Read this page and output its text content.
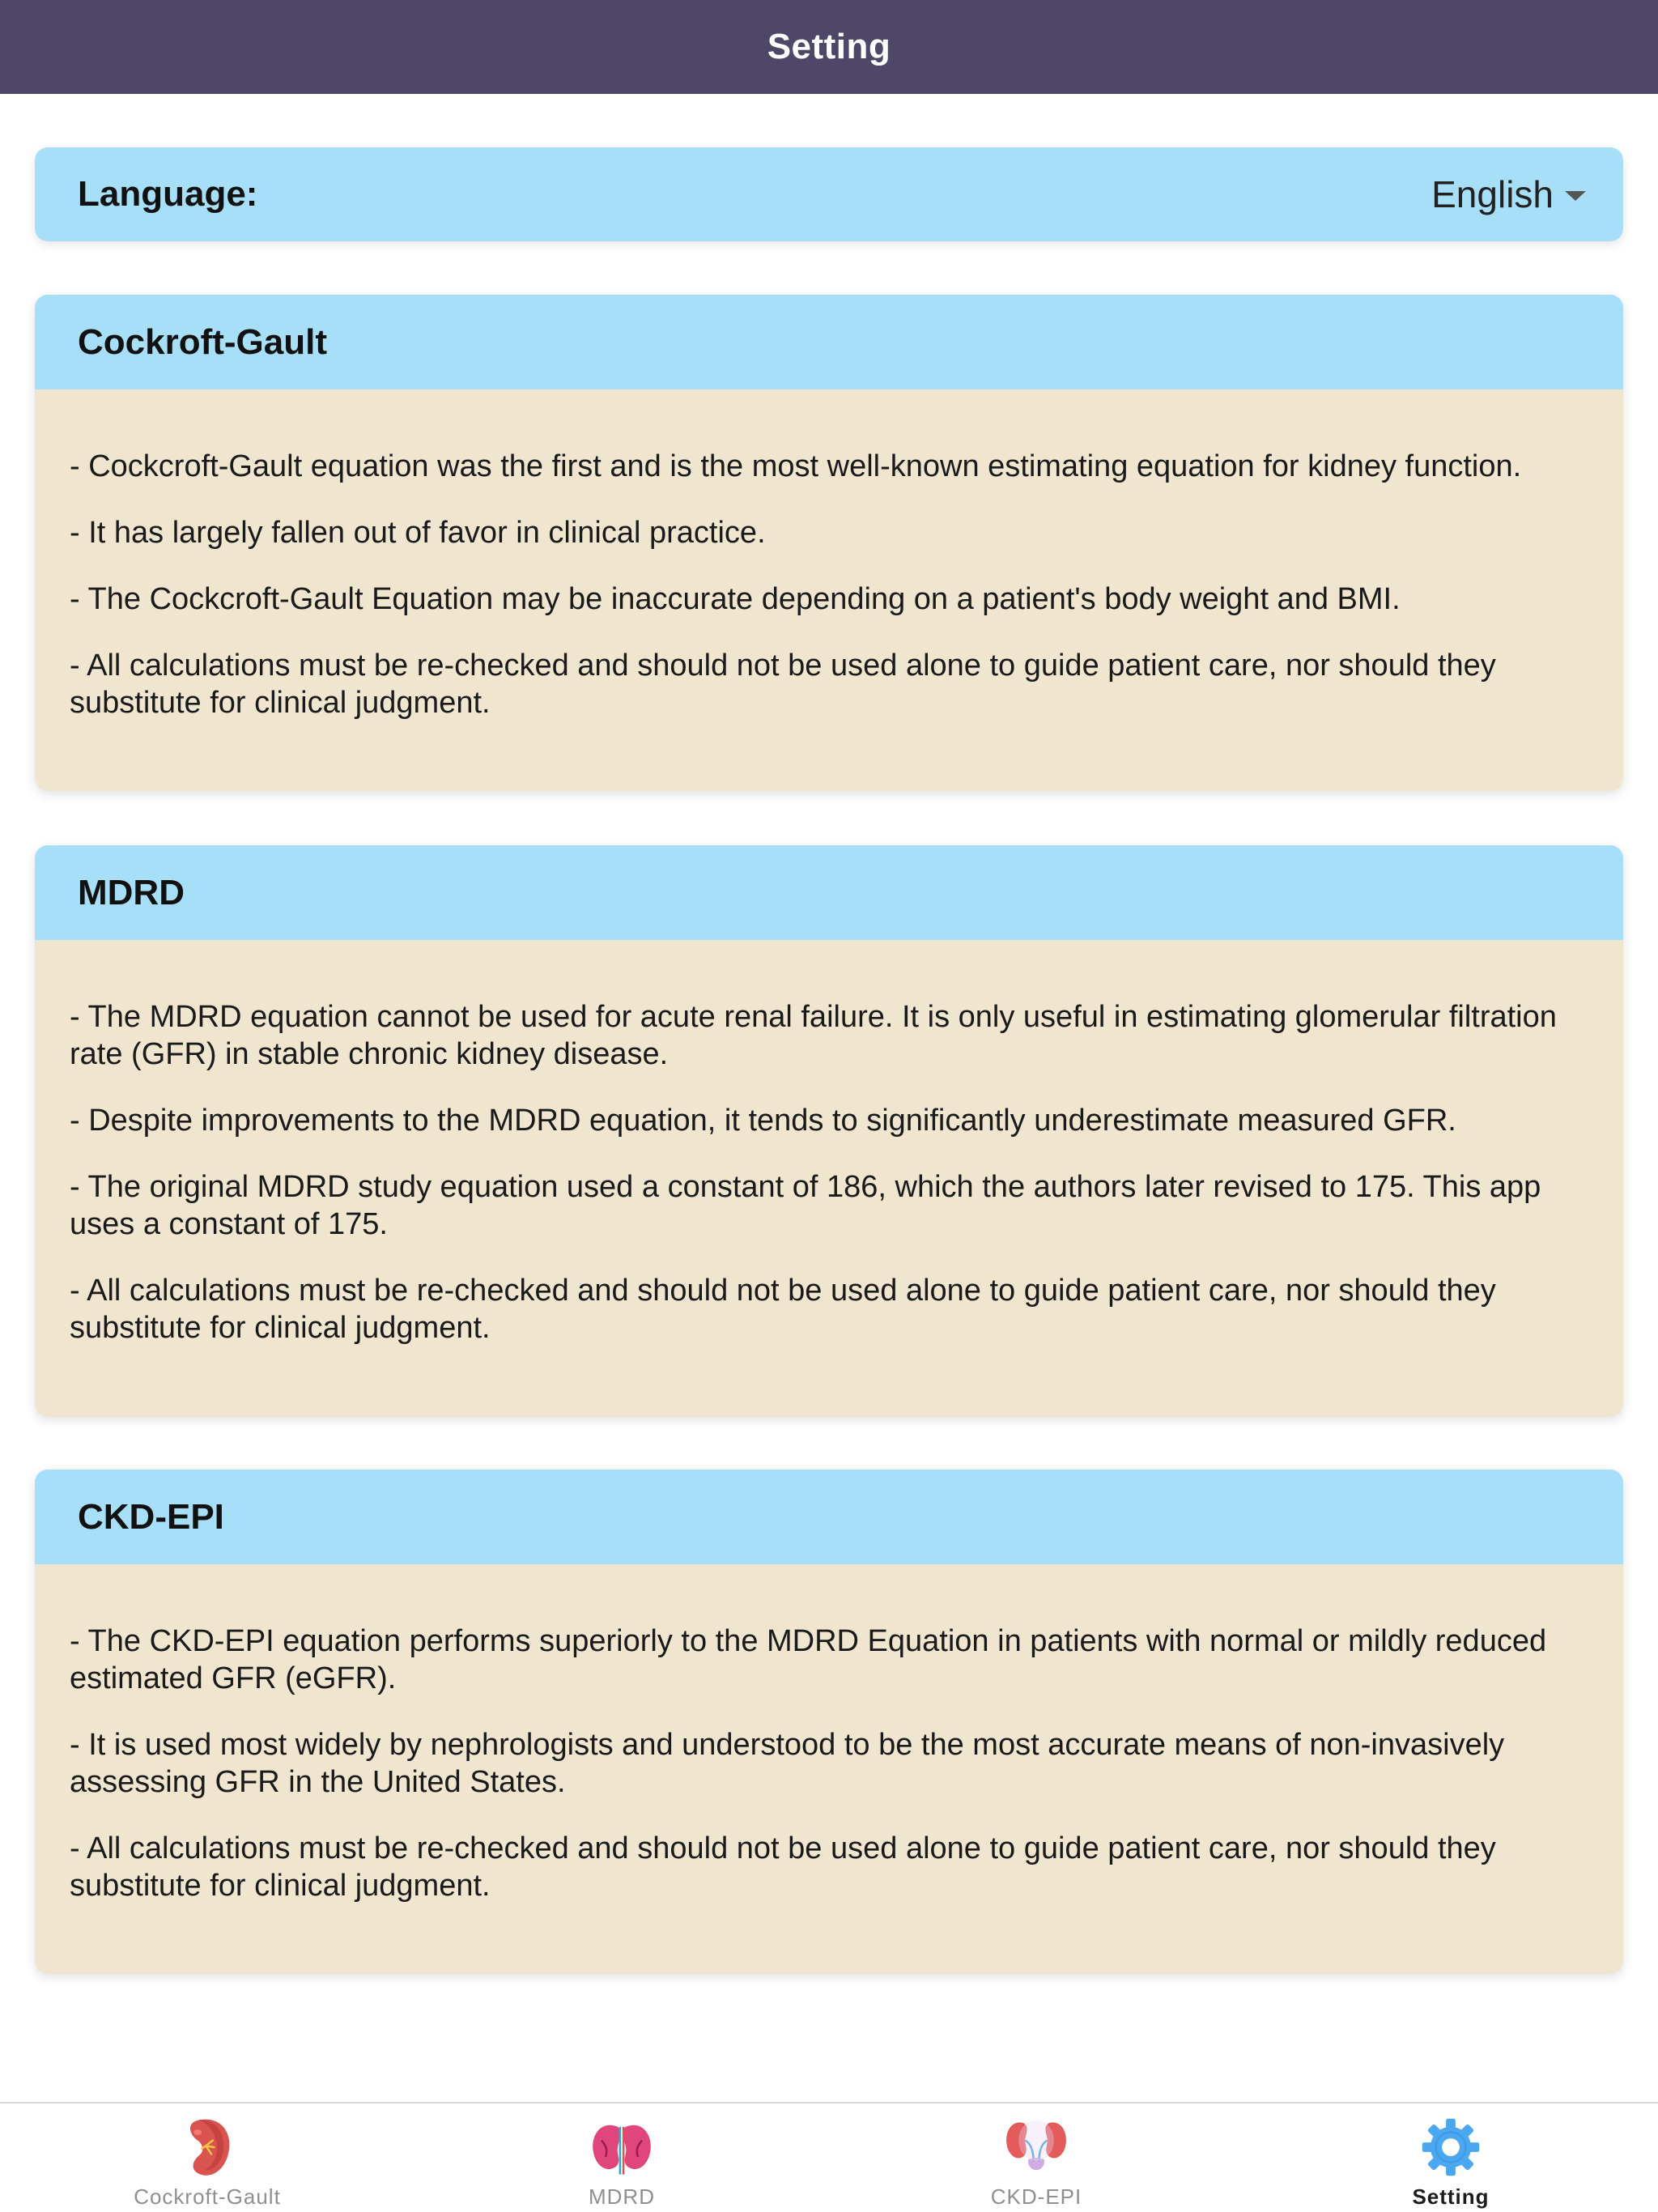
Setting
Language:	English
Cockroft-Gault

- Cockcroft-Gault equation was the first and is the most well-known estimating equation for kidney function.

- It has largely fallen out of favor in clinical practice.

- The Cockcroft-Gault Equation may be inaccurate depending on a patient's body weight and BMI.

- All calculations must be re-checked and should not be used alone to guide patient care, nor should they substitute for clinical judgment.

MDRD

- The MDRD equation cannot be used for acute renal failure. It is only useful in estimating glomerular filtration rate (GFR) in stable chronic kidney disease.

- Despite improvements to the MDRD equation, it tends to significantly underestimate measured GFR.

- The original MDRD study equation used a constant of 186, which the authors later revised to 175. This app uses a constant of 175.

- All calculations must be re-checked and should not be used alone to guide patient care, nor should they substitute for clinical judgment.

CKD-EPI

- The CKD-EPI equation performs superiorly to the MDRD Equation in patients with normal or mildly reduced estimated GFR (eGFR).

- It is used most widely by nephrologists and understood to be the most accurate means of non-invasively assessing GFR in the United States.

- All calculations must be re-checked and should not be used alone to guide patient care, nor should they substitute for clinical judgment.

Cockroft-Gault	MDRD	CKD-EPI	Setting
